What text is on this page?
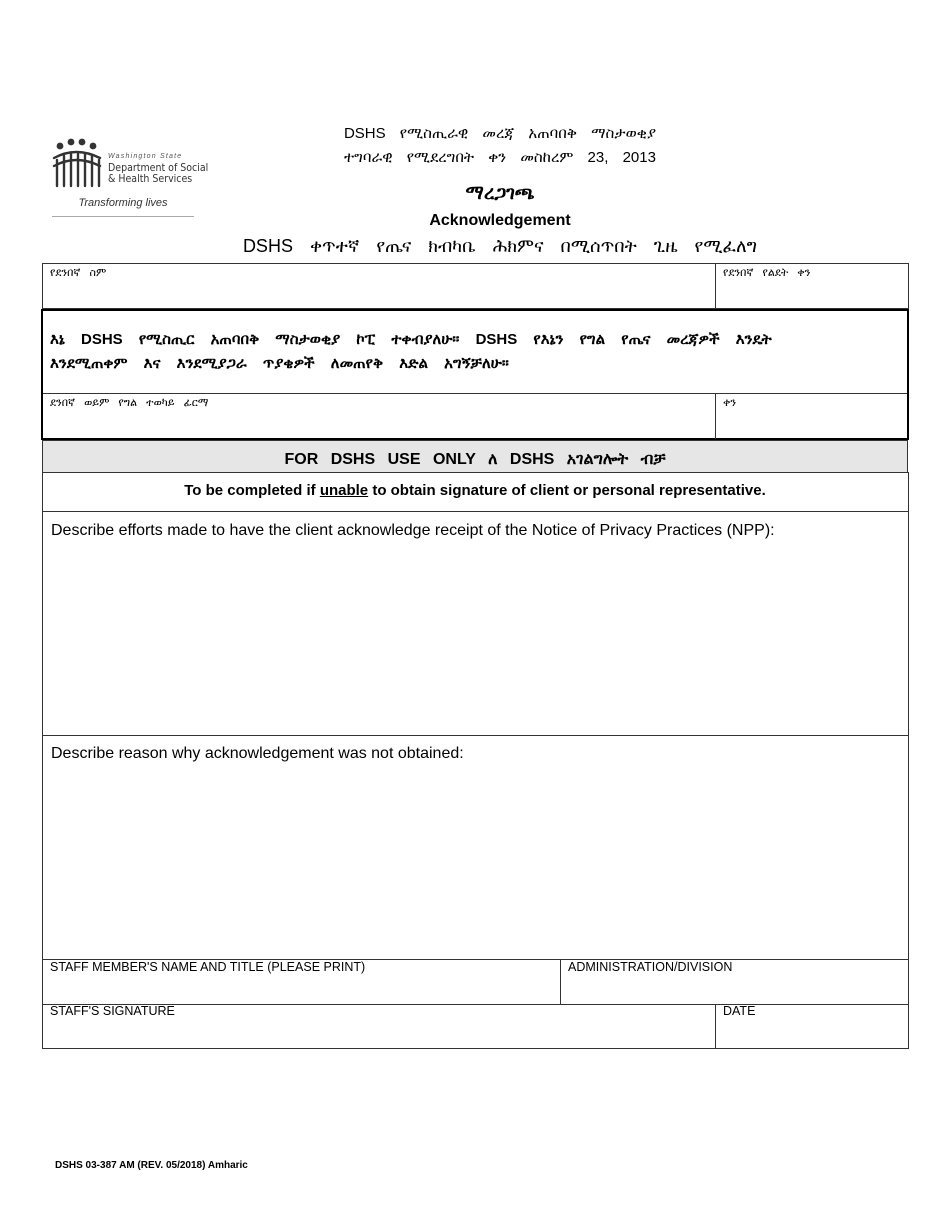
Washington State
Department of Social
& Health Services
Transforming lives
DSHS የሚስጢራዊ መረጃ አጠባበቅ ማስታወቂያ
ተግባራዊ የሚደረግበት ቀን መስከረም 23, 2013
ማረጋገጫ
Acknowledgement
DSHS ቀጥተኛ የጤና ክብካቤ ሕክምና በሚሰጥበት ጊዜ የሚፈለግ
የደንበኛ ስም	የደንበኛ የልደት ቀን
እኔ DSHS የሚስጢር አጠባበቅ ማስታወቂያ ኮፒ ተቀብያለሁ። DSHS የእኔን የግል የጤና መረጃዎች እንዴት
እንደሚጠቀም እና እንደሚያጋራ ጥያቄዎች ለመጠየቅ እድል አግኝቻለሁ።
ደንበኛ ወይም የግል ተወካይ ፊርማ	ቀን
FOR DSHS USE ONLY ለ DSHS አገልግሎት ብቻ
To be completed if unable to obtain signature of client or personal representative.
Describe efforts made to have the client acknowledge receipt of the Notice of Privacy Practices (NPP):
Describe reason why acknowledgement was not obtained:
STAFF MEMBER'S NAME AND TITLE (PLEASE PRINT)	ADMINISTRATION/DIVISION
STAFF'S SIGNATURE	DATE
DSHS 03-387 AM (REV. 05/2018) Amharic
